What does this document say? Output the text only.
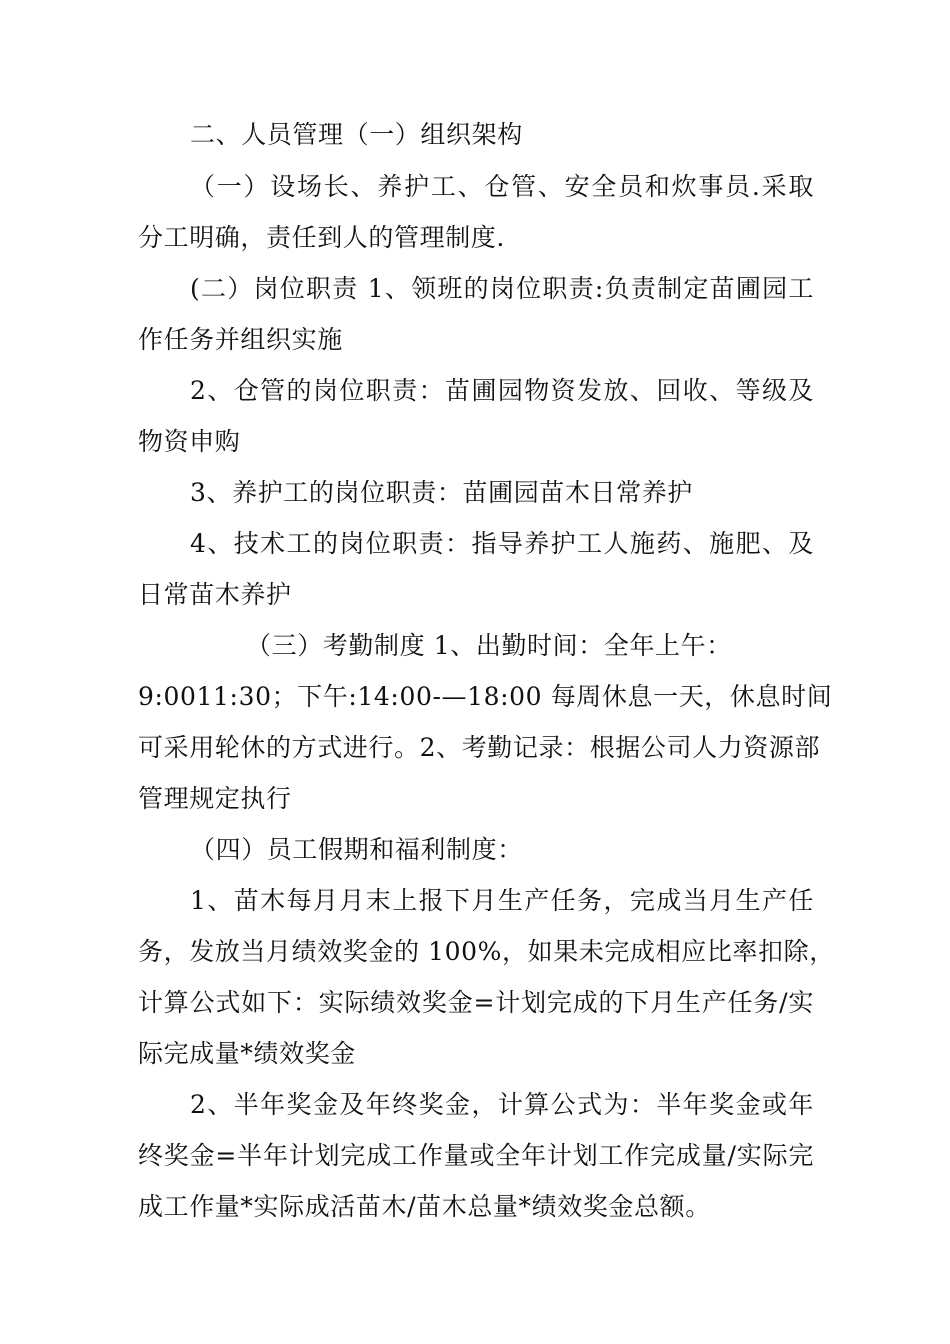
二、人员管理（一）组织架构
（一）设场长、养护工、仓管、安全员和炊事员.采取
分工明确，责任到人的管理制度.
(二）岗位职责 1、领班的岗位职责:负责制定苗圃园工
作任务并组织实施
2、仓管的岗位职责：苗圃园物资发放、回收、等级及
物资申购
3、养护工的岗位职责：苗圃园苗木日常养护
4、技术工的岗位职责：指导养护工人施药、施肥、及
日常苗木养护
（三）考勤制度 1、出勤时间：全年上午：
9:0011:30；下午:14:00-—18:00 每周休息一天，休息时间
可采用轮休的方式进行。2、考勤记录：根据公司人力资源部
管理规定执行
（四）员工假期和福利制度：
1、苗木每月月末上报下月生产任务，完成当月生产任
务，发放当月绩效奖金的 100%，如果未完成相应比率扣除，
计算公式如下：实际绩效奖金=计划完成的下月生产任务/实
际完成量*绩效奖金
2、半年奖金及年终奖金，计算公式为：半年奖金或年
终奖金=半年计划完成工作量或全年计划工作完成量/实际完
成工作量*实际成活苗木/苗木总量*绩效奖金总额。
